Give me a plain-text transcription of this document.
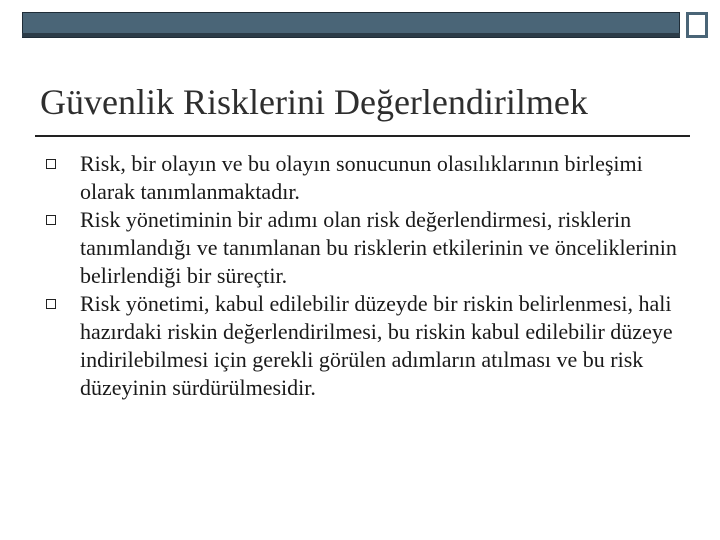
Güvenlik Risklerini Değerlendirilmek
Risk, bir olayın ve bu olayın sonucunun olasılıklarının birleşimi olarak tanımlanmaktadır.
Risk yönetiminin bir adımı olan risk değerlendirmesi, risklerin tanımlandığı ve tanımlanan bu risklerin etkilerinin ve önceliklerinin belirlendiği bir süreçtir.
Risk yönetimi, kabul edilebilir düzeyde bir riskin belirlenmesi, hali hazırdaki riskin değerlendirilmesi, bu riskin kabul edilebilir düzeye indirilebilmesi için gerekli görülen adımların atılması ve bu risk düzeyinin sürdürülmesidir.
